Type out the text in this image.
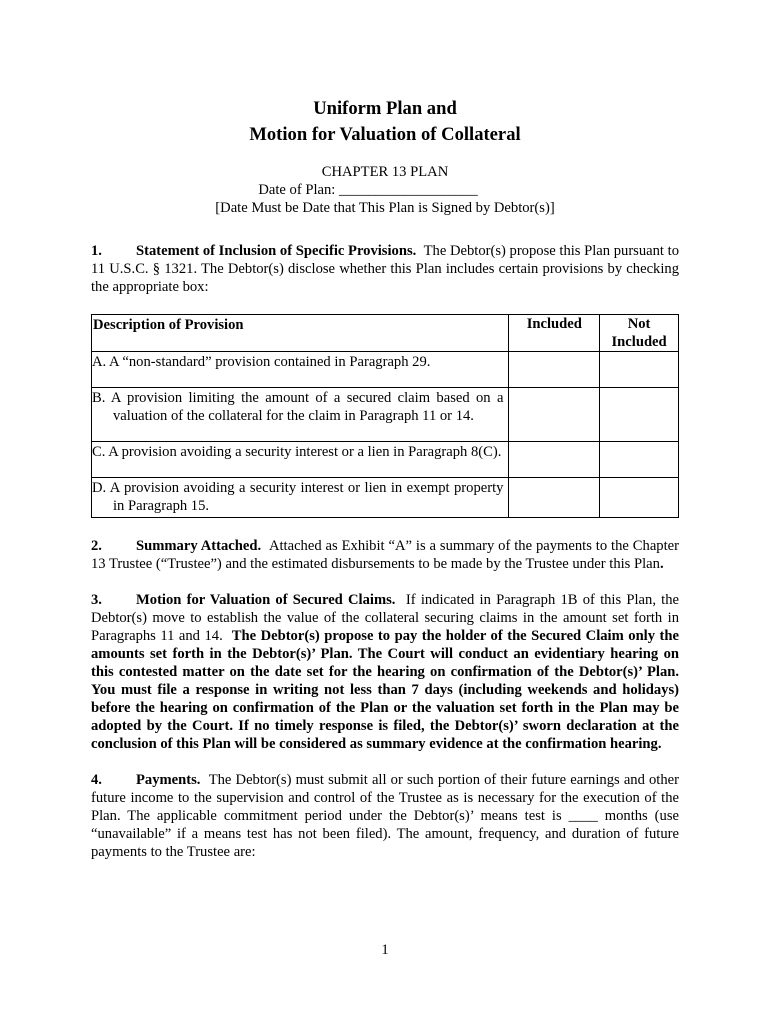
Uniform Plan and
Motion for Valuation of Collateral
CHAPTER 13 PLAN
Date of Plan: ___________________
[Date Must be Date that This Plan is Signed by Debtor(s)]

1. Statement of Inclusion of Specific Provisions. The Debtor(s) propose this Plan pursuant to 11 U.S.C. § 1321. The Debtor(s) disclose whether this Plan includes certain provisions by checking the appropriate box:

Description of Provision	Included	Not
Included

A. A “non-standard” provision contained in Paragraph 29.		

B. A provision limiting the amount of a secured claim based on a valuation of the collateral for the claim in Paragraph 11 or 14.		

C. A provision avoiding a security interest or a lien in Paragraph 8(C).		

D. A provision avoiding a security interest or lien in exempt property in Paragraph 15.		

2. Summary Attached. Attached as Exhibit “A” is a summary of the payments to the Chapter 13 Trustee (“Trustee”) and the estimated disbursements to be made by the Trustee under this Plan.

3. Motion for Valuation of Secured Claims. If indicated in Paragraph 1B of this Plan, the Debtor(s) move to establish the value of the collateral securing claims in the amount set forth in Paragraphs 11 and 14. The Debtor(s) propose to pay the holder of the Secured Claim only the amounts set forth in the Debtor(s)’ Plan. The Court will conduct an evidentiary hearing on this contested matter on the date set for the hearing on confirmation of the Debtor(s)’ Plan. You must file a response in writing not less than 7 days (including weekends and holidays) before the hearing on confirmation of the Plan or the valuation set forth in the Plan may be adopted by the Court. If no timely response is filed, the Debtor(s)’ sworn declaration at the conclusion of this Plan will be considered as summary evidence at the confirmation hearing.

4. Payments. The Debtor(s) must submit all or such portion of their future earnings and other future income to the supervision and control of the Trustee as is necessary for the execution of the Plan. The applicable commitment period under the Debtor(s)’ means test is ____ months (use “unavailable” if a means test has not been filed). The amount, frequency, and duration of future payments to the Trustee are:

1
